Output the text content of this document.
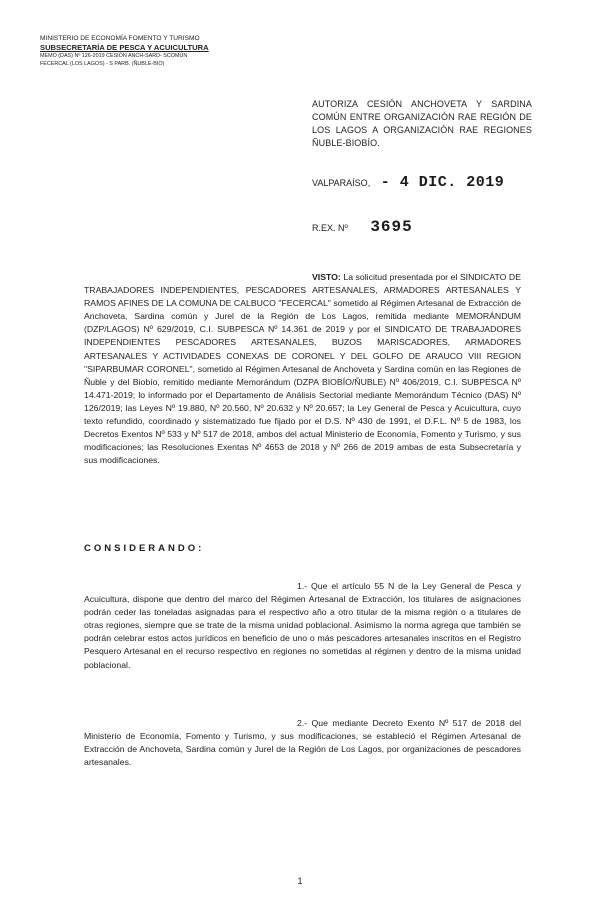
MINISTERIO DE ECONOMÍA FOMENTO Y TURISMO
SUBSECRETARÍA DE PESCA Y ACUICULTURA
MEMO (DAS) Nº 126-2019 CESIÓN ANCH-SARD- SCOMÚN
FECERCAL (LOS LAGOS) - S PARB. (ÑUBLE-BIO)
AUTORIZA CESIÓN ANCHOVETA Y SARDINA COMÚN ENTRE ORGANIZACIÓN RAE REGIÓN DE LOS LAGOS A ORGANIZACIÓN RAE REGIONES ÑUBLE-BIOBÍO.
VALPARAÍSO, - 4 DIC. 2019
R.EX. Nº 3695
VISTO: La solicitud presentada por el SINDICATO DE TRABAJADORES INDEPENDIENTES, PESCADORES ARTESANALES, ARMADORES ARTESANALES Y RAMOS AFINES DE LA COMUNA DE CALBUCO "FECERCAL" sometido al Régimen Artesanal de Extracción de Anchoveta, Sardina común y Jurel de la Región de Los Lagos, remitida mediante MEMORÁNDUM (DZP/LAGOS) Nº 629/2019, C.I. SUBPESCA Nº 14.361 de 2019 y por el SINDICATO DE TRABAJADORES INDEPENDIENTES PESCADORES ARTESANALES, BUZOS MARISCADORES, ARMADORES ARTESANALES Y ACTIVIDADES CONEXAS DE CORONEL Y DEL GOLFO DE ARAUCO VIII REGION "SIPARBUMAR CORONEL", sometido al Régimen Artesanal de Anchoveta y Sardina común en las Regiones de Ñuble y del Biobío, remitido mediante Memorándum (DZPA BIOBÍO/ÑUBLE) Nº 406/2019, C.I. SUBPESCA Nº 14.471-2019; lo informado por el Departamento de Análisis Sectorial mediante Memorándum Técnico (DAS) Nº 126/2019; las Leyes Nº 19.880, Nº 20.560, Nº 20.632 y Nº 20.657; la Ley General de Pesca y Acuicultura, cuyo texto refundido, coordinado y sistematizado fue fijado por el D.S. Nº 430 de 1991, el D.F.L. Nº 5 de 1983, los Decretos Exentos Nº 533 y Nº 517 de 2018, ambos del actual Ministerio de Economía, Fomento y Turismo, y sus modificaciones; las Resoluciones Exentas Nº 4653 de 2018 y Nº 266 de 2019 ambas de esta Subsecretaría y sus modificaciones.
CONSIDERANDO:
1.- Que el artículo 55 N de la Ley General de Pesca y Acuicultura, dispone que dentro del marco del Régimen Artesanal de Extracción, los titulares de asignaciones podrán ceder las toneladas asignadas para el respectivo año a otro titular de la misma región o a titulares de otras regiones, siempre que se trate de la misma unidad poblacional. Asimismo la norma agrega que también se podrán celebrar estos actos jurídicos en beneficio de uno o más pescadores artesanales inscritos en el Registro Pesquero Artesanal en el recurso respectivo en regiones no sometidas al régimen y dentro de la misma unidad poblacional.
2.- Que mediante Decreto Exento Nº 517 de 2018 del Ministerio de Economía, Fomento y Turismo, y sus modificaciones, se estableció el Régimen Artesanal de Extracción de Anchoveta, Sardina común y Jurel de la Región de Los Lagos, por organizaciones de pescadores artesanales.
1
